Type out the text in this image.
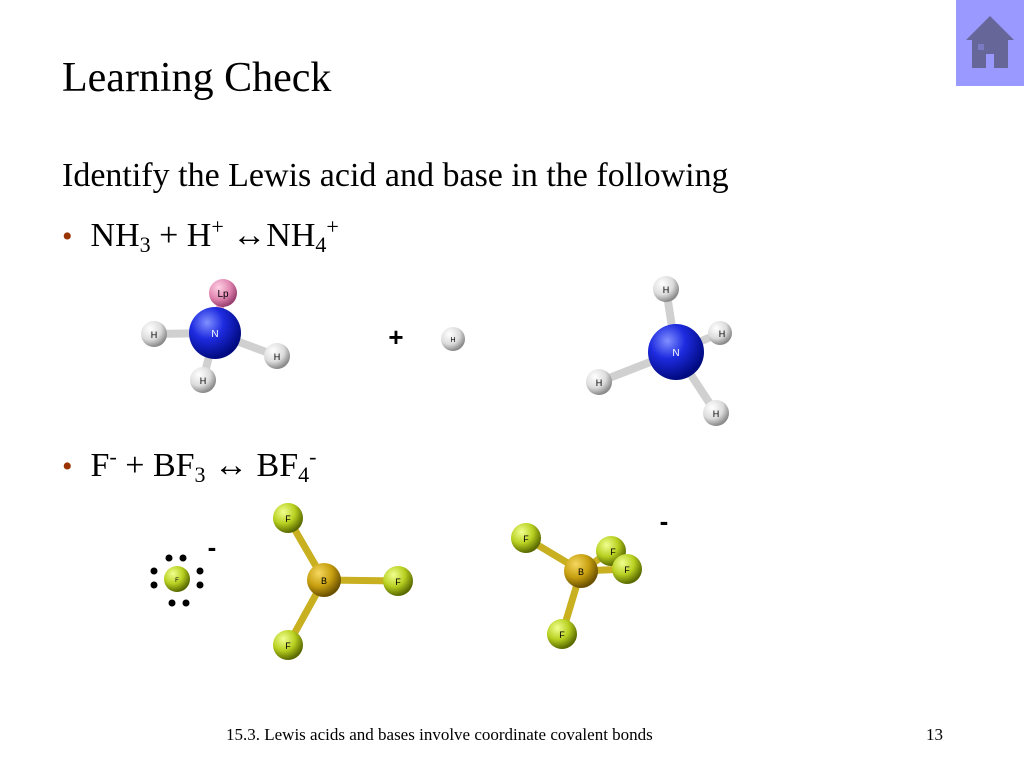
Learning Check
Identify the Lewis acid and base in the following
• $NH_3 + H^+$ $\leftrightarrow NH_4^+$
• $F^- + BF_3$ ↔ $BF_4^-$
Lp
H
H
H
N	+	H
H
H
H
H
N
-
F
F
F
F
B
-
F
F
F
F
B
15.3. Lewis acids and bases involve coordinate covalent bonds	13
